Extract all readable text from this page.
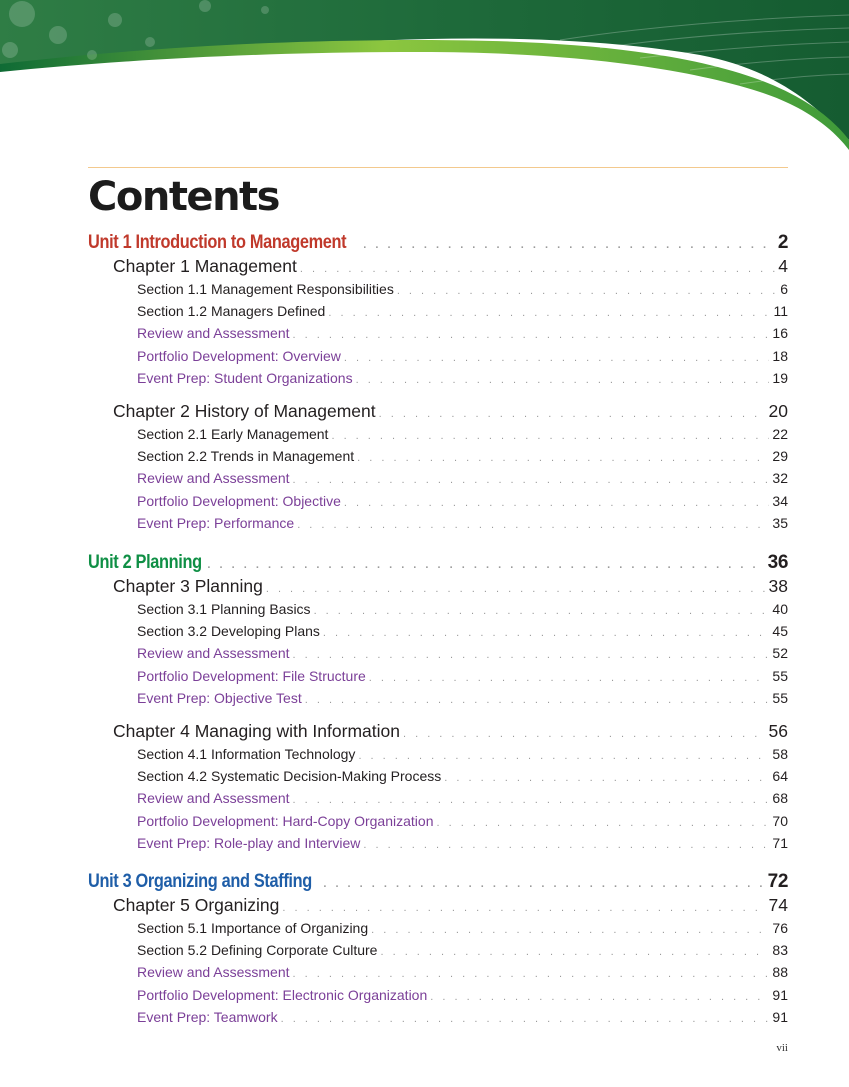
Contents
Unit 1 Introduction to Management . . .	2
Chapter 1 Management . . .	4
Section 1.1 Management Responsibilities . . .	6
Section 1.2 Managers Defined . . .	11
Review and Assessment . . .	16
Portfolio Development: Overview . . .	18
Event Prep: Student Organizations . . .	19
Chapter 2 History of Management . . .	20
Section 2.1 Early Management . . .	22
Section 2.2 Trends in Management . . .	29
Review and Assessment . . .	32
Portfolio Development: Objective . . .	34
Event Prep: Performance . . .	35
Unit 2 Planning . . .	36
Chapter 3 Planning . . .	38
Section 3.1 Planning Basics . . .	40
Section 3.2 Developing Plans . . .	45
Review and Assessment . . .	52
Portfolio Development: File Structure . . .	55
Event Prep: Objective Test . . .	55
Chapter 4 Managing with Information . . .	56
Section 4.1 Information Technology . . .	58
Section 4.2 Systematic Decision-Making Process . . .	64
Review and Assessment . . .	68
Portfolio Development: Hard-Copy Organization . . .	70
Event Prep: Role-play and Interview . . .	71
Unit 3 Organizing and Staffing . . .	72
Chapter 5 Organizing . . .	74
Section 5.1 Importance of Organizing . . .	76
Section 5.2 Defining Corporate Culture . . .	83
Review and Assessment . . .	88
Portfolio Development: Electronic Organization . . .	91
Event Prep: Teamwork . . .	91
vii
